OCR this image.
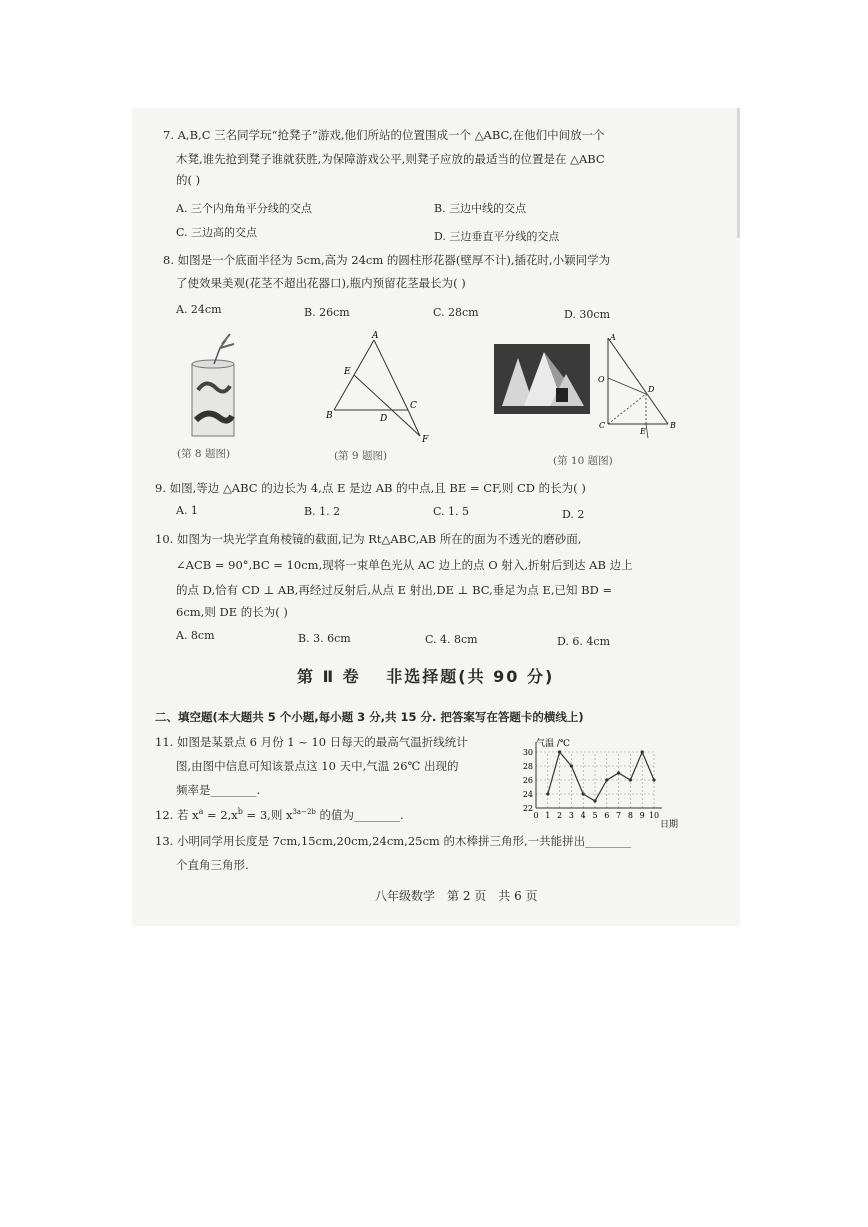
7. A,B,C 三名同学玩“抢凳子”游戏,他们所站的位置围成一个 △ABC,在他们中间放一个
木凳,谁先抢到凳子谁就获胜,为保障游戏公平,则凳子应放的最适当的位置是在 △ABC
的( )
A. 三个内角角平分线的交点	B. 三边中线的交点
C. 三边高的交点	D. 三边垂直平分线的交点
8. 如图是一个底面半径为 5cm,高为 24cm 的圆柱形花器(壁厚不计),插花时,小颖同学为
了使效果美观(花茎不超出花器口),瓶内预留花茎最长为( )
A. 24cm	B. 26cm	C. 28cm	D. 30cm
(第 8 题图)
A
B
C
D
E
F
(第 9 题图)
A
B
C
D
E
O
(第 10 题图)
9. 如图,等边 △ABC 的边长为 4,点 E 是边 AB 的中点,且 BE = CF,则 CD 的长为( )
A. 1	B. 1. 2	C. 1. 5	D. 2
10. 如图为一块光学直角棱镜的截面,记为 Rt△ABC,AB 所在的面为不透光的磨砂面,
∠ACB = 90°,BC = 10cm,现将一束单色光从 AC 边上的点 O 射入,折射后到达 AB 边上
的点 D,恰有 CD ⊥ AB,再经过反射后,从点 E 射出,DE ⊥ BC,垂足为点 E,已知 BD =
6cm,则 DE 的长为( )
A. 8cm	B. 3. 6cm	C. 4. 8cm	D. 6. 4cm
第 Ⅱ 卷　 非选择题(共 90 分)
二、填空题(本大题共 5 个小题,每小题 3 分,共 15 分. 把答案写在答题卡的横线上)
11. 如图是某景点 6 月份 1 ~ 10 日每天的最高气温折线统计
图,由图中信息可知该景点这 10 天中,气温 26℃ 出现的
频率是________.
气温 /℃
日期
22
24
26
28
30
0 1 2 3 4 5 6 7 8 9 10
12. 若 $x^a = 2,x^b = 3$,则 $x^{3a-2b}$ 的值为________.
13. 小明同学用长度是 7cm,15cm,20cm,24cm,25cm 的木棒拼三角形,一共能拼出________
个直角三角形.
八年级数学　第 2 页　共 6 页
